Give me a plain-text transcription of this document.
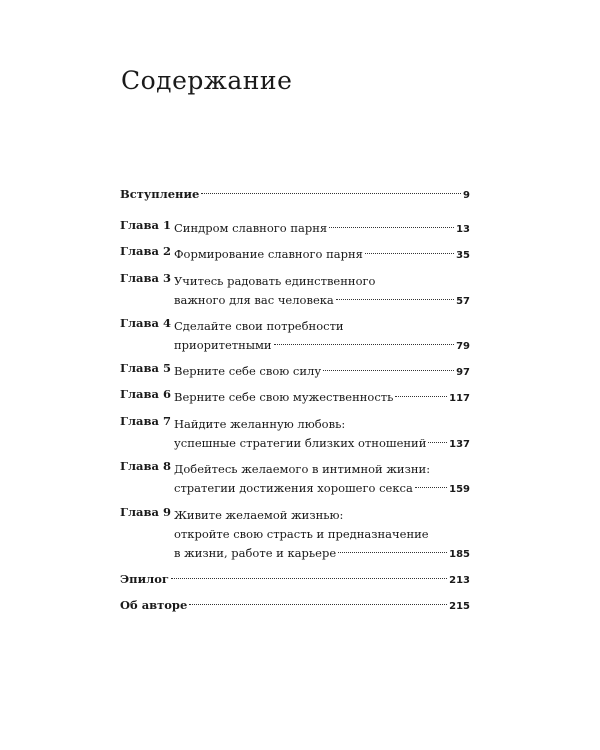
Содержание
Вступление	9
Глава 1 Синдром славного парня	13
Глава 2 Формирование славного парня	35
Глава 3 Учитесь радовать единственного
важного для вас человека	57
Глава 4 Сделайте свои потребности
приоритетными	79
Глава 5 Верните себе свою силу	97
Глава 6 Верните себе свою мужественность	117
Глава 7 Найдите желанную любовь:
успешные стратегии близких отношений 137
Глава 8 Добейтесь желаемого в интимной жизни:
стратегии достижения хорошего секса	159
Глава 9 Живите желаемой жизнью:
откройте свою страсть и предназначение
в жизни, работе и карьере	185
Эпилог	213
Об авторе	215
